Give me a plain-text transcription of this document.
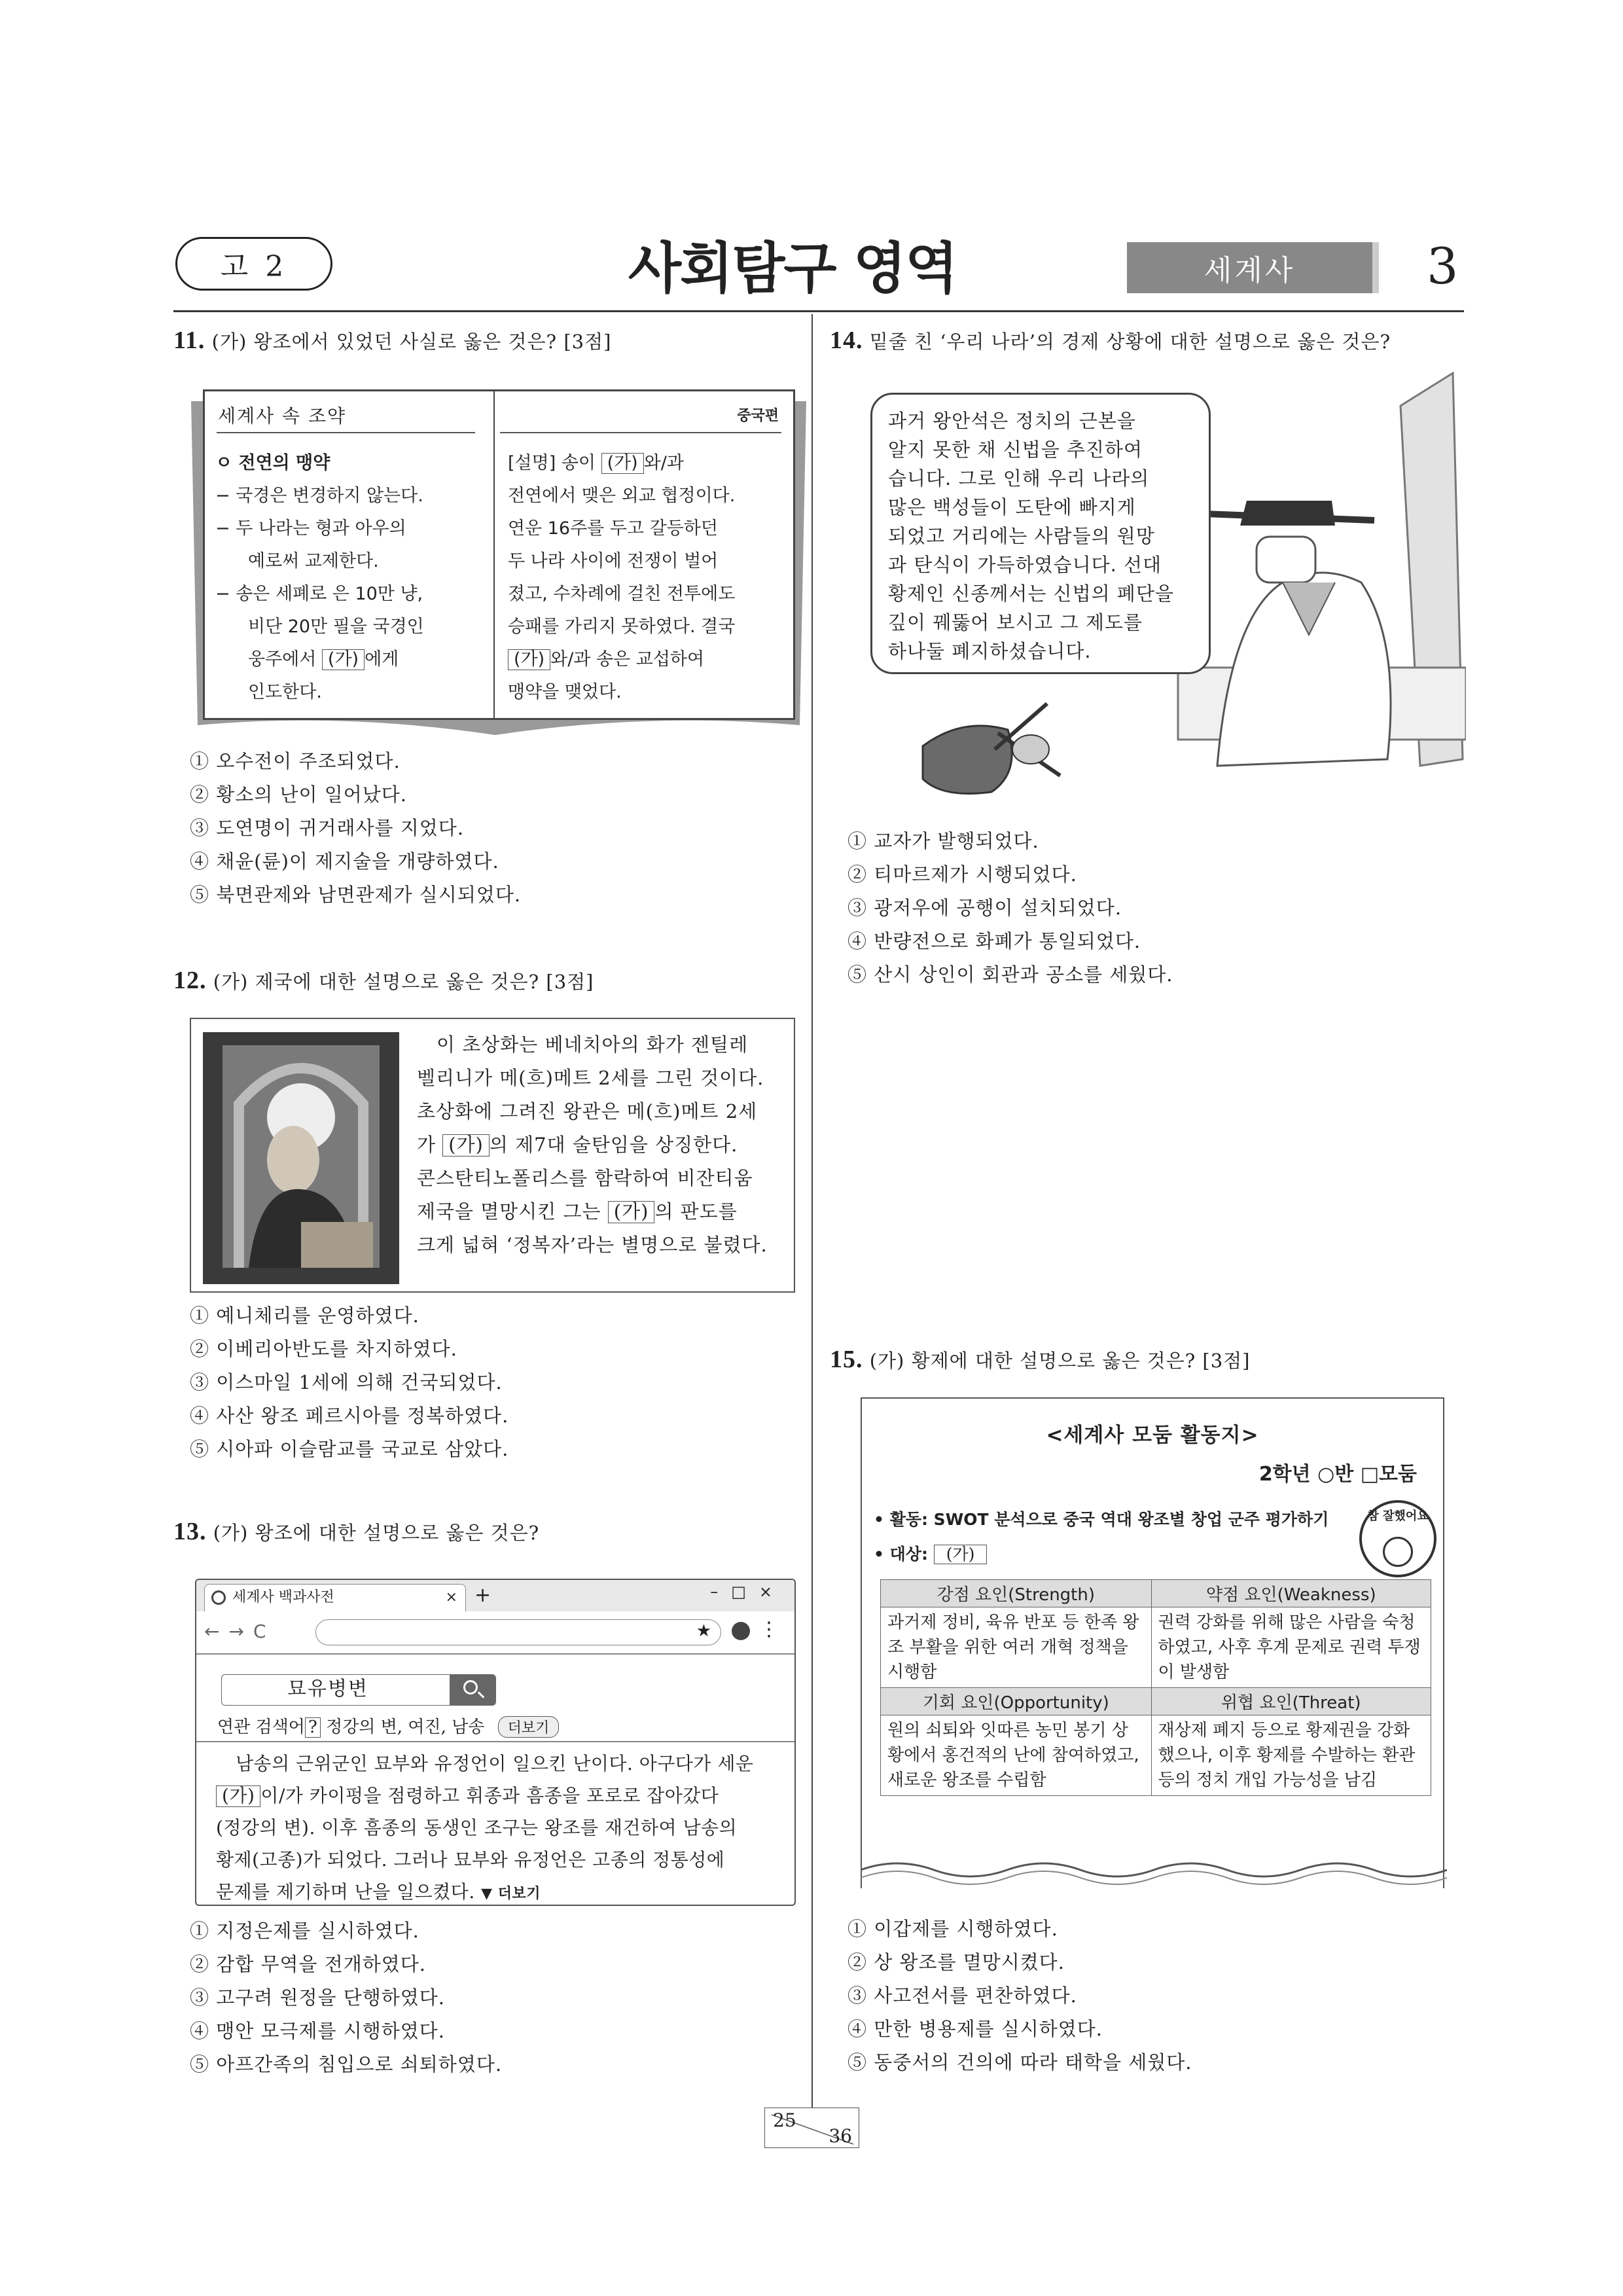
고 2	사회탐구 영역	세계사	3
11. (가) 왕조에서 있었던 사실로 옳은 것은? [3점]
세계사 속 조약
ㅇ 전연의 맹약
− 국경은 변경하지 않는다.
− 두 나라는 형과 아우의
예로써 교제한다.
− 송은 세폐로 은 10만 냥,
비단 20만 필을 국경인
웅주에서 (가) 에게
인도한다.
중국편
[설명] 송이 (가) 와/과
전연에서 맺은 외교 협정이다.
연운 16주를 두고 갈등하던
두 나라 사이에 전쟁이 벌어
졌고, 수차례에 걸친 전투에도
승패를 가리지 못하였다. 결국
(가) 와/과 송은 교섭하여
맹약을 맺었다.
① 오수전이 주조되었다.
② 황소의 난이 일어났다.
③ 도연명이 귀거래사를 지었다.
④ 채윤(륜)이 제지술을 개량하였다.
⑤ 북면관제와 남면관제가 실시되었다.
12. (가) 제국에 대한 설명으로 옳은 것은? [3점]
이 초상화는 베네치아의 화가 젠틸레
벨리니가 메(흐)메트 2세를 그린 것이다.
초상화에 그려진 왕관은 메(흐)메트 2세
가 (가) 의 제7대 술탄임을 상징한다.
콘스탄티노폴리스를 함락하여 비잔티움
제국을 멸망시킨 그는 (가) 의 판도를
크게 넓혀 ‘정복자’라는 별명으로 불렸다.
① 예니체리를 운영하였다.
② 이베리아반도를 차지하였다.
③ 이스마일 1세에 의해 건국되었다.
④ 사산 왕조 페르시아를 정복하였다.
⑤ 시아파 이슬람교를 국교로 삼았다.
13. (가) 왕조에 대한 설명으로 옳은 것은?
세계사 백과사전	× +	–□×
←→C	★ ⋮
묘유병변
연관 검색어 ? 정강의 변, 여진, 남송 더보기
남송의 근위군인 묘부와 유정언이 일으킨 난이다. 아구다가 세운
(가) 이/가 카이펑을 점령하고 휘종과 흠종을 포로로 잡아갔다
(정강의 변). 이후 흠종의 동생인 조구는 왕조를 재건하여 남송의
황제(고종)가 되었다. 그러나 묘부와 유정언은 고종의 정통성에
문제를 제기하며 난을 일으켰다. ▼ 더보기
① 지정은제를 실시하였다.
② 감합 무역을 전개하였다.
③ 고구려 원정을 단행하였다.
④ 맹안 모극제를 시행하였다.
⑤ 아프간족의 침입으로 쇠퇴하였다.
14. 밑줄 친 ‘우리 나라’의 경제 상황에 대한 설명으로 옳은 것은?
과거 왕안석은 정치의 근본을
알지 못한 채 신법을 추진하여
습니다. 그로 인해 우리 나라의
많은 백성들이 도탄에 빠지게
되었고 거리에는 사람들의 원망
과 탄식이 가득하였습니다. 선대
황제인 신종께서는 신법의 폐단을
깊이 꿰뚫어 보시고 그 제도를
하나둘 폐지하셨습니다.
① 교자가 발행되었다.
② 티마르제가 시행되었다.
③ 광저우에 공행이 설치되었다.
④ 반량전으로 화폐가 통일되었다.
⑤ 산시 상인이 회관과 공소를 세웠다.
15. (가) 황제에 대한 설명으로 옳은 것은? [3점]
<세계사 모둠 활동지>
2학년 ○반 □모둠
• 활동: SWOT 분석으로 중국 역대 왕조별 창업 군주 평가하기
• 대상: (가)
참 잘했어요
강점 요인(Strength)	약점 요인(Weakness)
과거제 정비, 육유 반포 등 한족 왕조 부활을 위한 여러 개혁 정책을 시행함	권력 강화를 위해 많은 사람을 숙청하였고, 사후 후계 문제로 권력 투쟁이 발생함
기회 요인(Opportunity)	위협 요인(Threat)
원의 쇠퇴와 잇따른 농민 봉기 상황에서 홍건적의 난에 참여하였고, 새로운 왕조를 수립함	재상제 폐지 등으로 황제권을 강화했으나, 이후 황제를 수발하는 환관 등의 정치 개입 가능성을 남김
① 이갑제를 시행하였다.
② 상 왕조를 멸망시켰다.
③ 사고전서를 편찬하였다.
④ 만한 병용제를 실시하였다.
⑤ 동중서의 건의에 따라 태학을 세웠다.
25
36
